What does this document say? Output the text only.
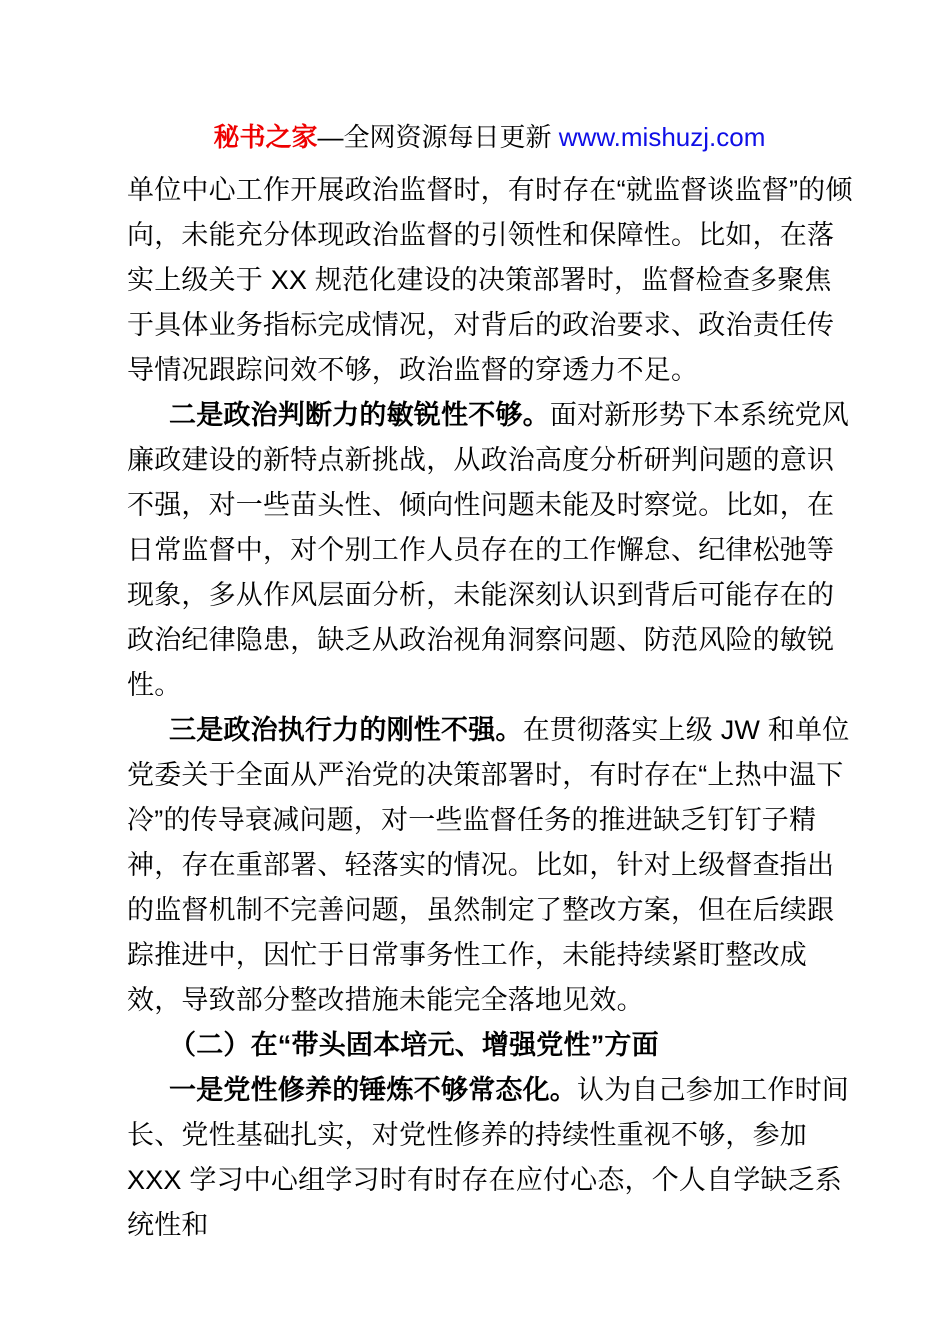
秘书之家—全网资源每日更新 www.mishuzj.com

单位中心工作开展政治监督时，有时存在“就监督谈监督”的倾向，未能充分体现政治监督的引领性和保障性。比如，在落实上级关于 XX 规范化建设的决策部署时，监督检查多聚焦于具体业务指标完成情况，对背后的政治要求、政治责任传导情况跟踪问效不够，政治监督的穿透力不足。

二是政治判断力的敏锐性不够。面对新形势下本系统党风廉政建设的新特点新挑战，从政治高度分析研判问题的意识不强，对一些苗头性、倾向性问题未能及时察觉。比如，在日常监督中，对个别工作人员存在的工作懈怠、纪律松弛等现象，多从作风层面分析，未能深刻认识到背后可能存在的政治纪律隐患，缺乏从政治视角洞察问题、防范风险的敏锐性。

三是政治执行力的刚性不强。在贯彻落实上级 JW 和单位党委关于全面从严治党的决策部署时，有时存在“上热中温下冷”的传导衰减问题，对一些监督任务的推进缺乏钉钉子精神，存在重部署、轻落实的情况。比如，针对上级督查指出的监督机制不完善问题，虽然制定了整改方案，但在后续跟踪推进中，因忙于日常事务性工作，未能持续紧盯整改成效，导致部分整改措施未能完全落地见效。

（二）在“带头固本培元、增强党性”方面

一是党性修养的锤炼不够常态化。认为自己参加工作时间长、党性基础扎实，对党性修养的持续性重视不够，参加 XXX 学习中心组学习时有时存在应付心态，个人自学缺乏系统性和
